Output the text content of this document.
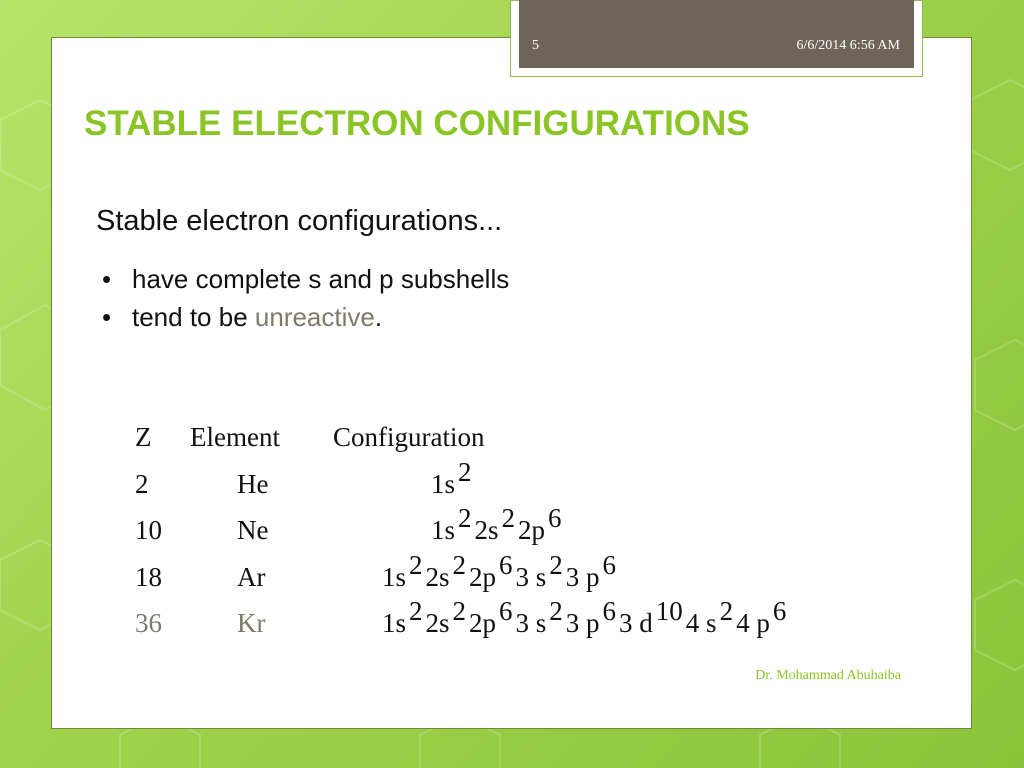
5	6/6/2014 6:56 AM
STABLE ELECTRON CONFIGURATIONS
Stable electron configurations...
• have complete s and p subshells
• tend to be unreactive.
Z Element Configuration
2	He	1s 2
10	Ne	1s 2 2s 2 2p 6
18	Ar	1s 2 2s 2 2p 6 3 s 2 3 p 6
36	Kr	1s 2 2s 2 2p 6 3 s 2 3 p 6 3 d 10 4 s 2 4 p 6
Dr. Mohammad Abuhaiba
